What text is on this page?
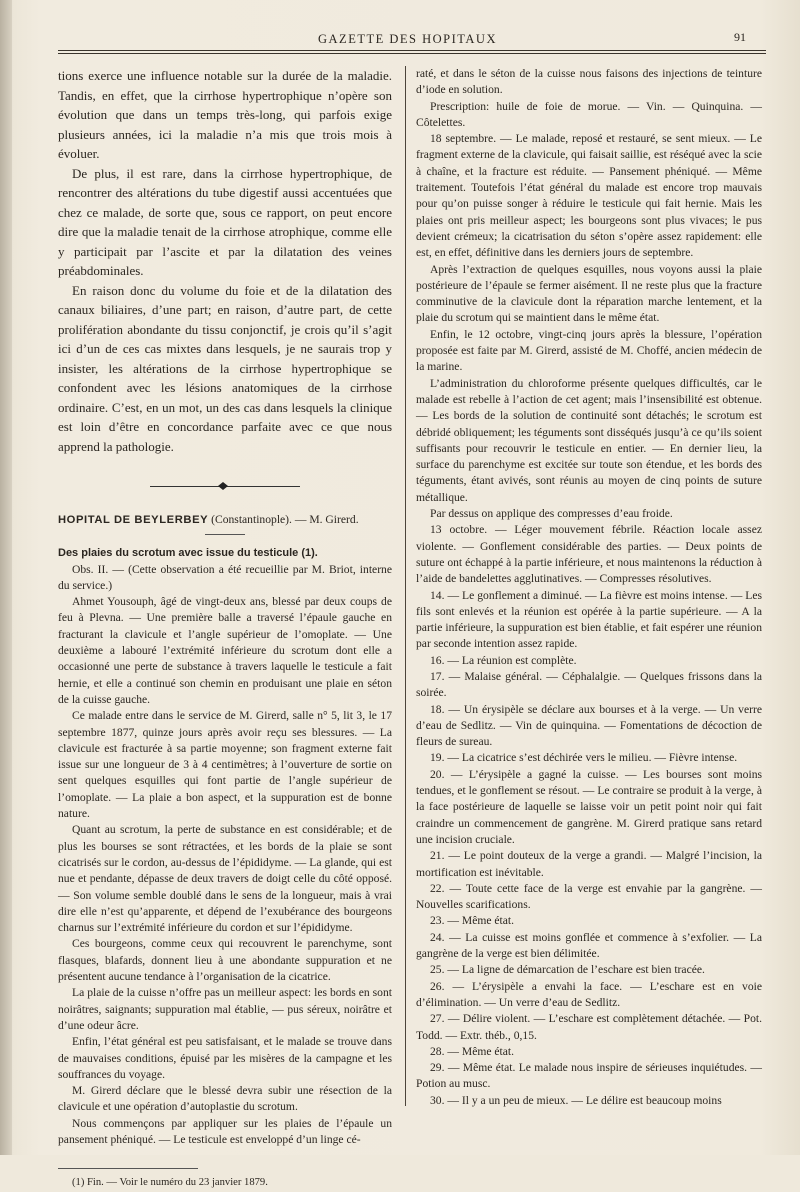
GAZETTE DES HOPITAUX	91

tions exerce une influence notable sur la durée de la maladie. Tandis, en effet, que la cirrhose hypertrophique n’opère son évolution que dans un temps très-long, qui parfois exige plusieurs années, ici la maladie n’a mis que trois mois à évoluer.

De plus, il est rare, dans la cirrhose hypertrophique, de rencontrer des altérations du tube digestif aussi accentuées que chez ce malade, de sorte que, sous ce rapport, on peut encore dire que la maladie tenait de la cirrhose atrophique, comme elle y participait par l’ascite et par la dilatation des veines préabdominales.

En raison donc du volume du foie et de la dilatation des canaux biliaires, d’une part; en raison, d’autre part, de cette prolifération abondante du tissu conjonctif, je crois qu’il s’agit ici d’un de ces cas mixtes dans lesquels, je ne saurais trop y insister, les altérations de la cirrhose hypertrophique se confondent avec les lésions anatomiques de la cirrhose ordinaire. C’est, en un mot, un des cas dans lesquels la clinique est loin d’être en concordance parfaite avec ce que nous apprend la pathologie.

HOPITAL DE BEYLERBEY (Constantinople). — M. Girerd.

Des plaies du scrotum avec issue du testicule (1).

Obs. II. — (Cette observation a été recueillie par M. Briot, interne du service.)

Ahmet Yousouph, âgé de vingt-deux ans, blessé par deux coups de feu à Plevna. — Une première balle a traversé l’épaule gauche en fracturant la clavicule et l’angle supérieur de l’omoplate. — Une deuxième a labouré l’extrémité inférieure du scrotum dont elle a occasionné une perte de substance à travers laquelle le testicule a fait hernie, et elle a continué son chemin en produisant une plaie en séton de la cuisse gauche.

Ce malade entre dans le service de M. Girerd, salle n° 5, lit 3, le 17 septembre 1877, quinze jours après avoir reçu ses blessures. — La clavicule est fracturée à sa partie moyenne; son fragment externe fait issue sur une longueur de 3 à 4 centimètres; à l’ouverture de sortie on sent quelques esquilles qui font partie de l’angle supérieur de l’omoplate. — La plaie a bon aspect, et la suppuration est de bonne nature.

Quant au scrotum, la perte de substance en est considérable; et de plus les bourses se sont rétractées, et les bords de la plaie se sont cicatrisés sur le cordon, au-dessus de l’épididyme. — La glande, qui est nue et pendante, dépasse de deux travers de doigt celle du côté opposé. — Son volume semble doublé dans le sens de la longueur, mais à vrai dire elle n’est qu’apparente, et dépend de l’exubérance des bourgeons charnus sur l’extrémité inférieure du cordon et sur l’épididyme.

Ces bourgeons, comme ceux qui recouvrent le parenchyme, sont flasques, blafards, donnent lieu à une abondante suppuration et ne présentent aucune tendance à l’organisation de la cicatrice.

La plaie de la cuisse n’offre pas un meilleur aspect: les bords en sont noirâtres, saignants; suppuration mal établie, — pus séreux, noirâtre et d’une odeur âcre.

Enfin, l’état général est peu satisfaisant, et le malade se trouve dans de mauvaises conditions, épuisé par les misères de la campagne et les souffrances du voyage.

M. Girerd déclare que le blessé devra subir une résection de la clavicule et une opération d’autoplastie du scrotum.

Nous commençons par appliquer sur les plaies de l’épaule un pansement phéniqué. — Le testicule est enveloppé d’un linge cé-

(1) Fin. — Voir le numéro du 23 janvier 1879.

raté, et dans le séton de la cuisse nous faisons des injections de teinture d’iode en solution.

Prescription: huile de foie de morue. — Vin. — Quinquina. — Côtelettes.

18 septembre. — Le malade, reposé et restauré, se sent mieux. — Le fragment externe de la clavicule, qui faisait saillie, est réséqué avec la scie à chaîne, et la fracture est réduite. — Pansement phéniqué. — Même traitement. Toutefois l’état général du malade est encore trop mauvais pour qu’on puisse songer à réduire le testicule qui fait hernie. Mais les plaies ont pris meilleur aspect; les bourgeons sont plus vivaces; le pus devient crémeux; la cicatrisation du séton s’opère assez rapidement: elle est, en effet, définitive dans les derniers jours de septembre.

Après l’extraction de quelques esquilles, nous voyons aussi la plaie postérieure de l’épaule se fermer aisément. Il ne reste plus que la fracture comminutive de la clavicule dont la réparation marche lentement, et la plaie du scrotum qui se maintient dans le même état.

Enfin, le 12 octobre, vingt-cinq jours après la blessure, l’opération proposée est faite par M. Girerd, assisté de M. Choffé, ancien médecin de la marine.

L’administration du chloroforme présente quelques difficultés, car le malade est rebelle à l’action de cet agent; mais l’insensibilité est obtenue. — Les bords de la solution de continuité sont détachés; le scrotum est débridé obliquement; les téguments sont disséqués jusqu’à ce qu’ils soient suffisants pour recouvrir le testicule en entier. — En dernier lieu, la surface du parenchyme est excitée sur toute son étendue, et les bords des téguments, étant avivés, sont réunis au moyen de cinq points de suture métallique.

Par dessus on applique des compresses d’eau froide.

13 octobre. — Léger mouvement fébrile. Réaction locale assez violente. — Gonflement considérable des parties. — Deux points de suture ont échappé à la partie inférieure, et nous maintenons la réduction à l’aide de bandelettes agglutinatives. — Compresses résolutives.

14. — Le gonflement a diminué. — La fièvre est moins intense. — Les fils sont enlevés et la réunion est opérée à la partie supérieure. — A la partie inférieure, la suppuration est bien établie, et fait espérer une réunion par seconde intention assez rapide.

16. — La réunion est complète.

17. — Malaise général. — Céphalalgie. — Quelques frissons dans la soirée.

18. — Un érysipèle se déclare aux bourses et à la verge. — Un verre d’eau de Sedlitz. — Vin de quinquina. — Fomentations de décoction de fleurs de sureau.

19. — La cicatrice s’est déchirée vers le milieu. — Fièvre intense.

20. — L’érysipèle a gagné la cuisse. — Les bourses sont moins tendues, et le gonflement se résout. — Le contraire se produit à la verge, à la face postérieure de laquelle se laisse voir un petit point noir qui fait craindre un commencement de gangrène. M. Girerd pratique sans retard une incision cruciale.

21. — Le point douteux de la verge a grandi. — Malgré l’incision, la mortification est inévitable.

22. — Toute cette face de la verge est envahie par la gangrène. — Nouvelles scarifications.

23. — Même état.

24. — La cuisse est moins gonflée et commence à s’exfolier. — La gangrène de la verge est bien délimitée.

25. — La ligne de démarcation de l’eschare est bien tracée.

26. — L’érysipèle a envahi la face. — L’eschare est en voie d’élimination. — Un verre d’eau de Sedlitz.

27. — Délire violent. — L’eschare est complètement détachée. — Pot. Todd. — Extr. théb., 0,15.

28. — Même état.

29. — Même état. Le malade nous inspire de sérieuses inquiétudes. — Potion au musc.

30. — Il y a un peu de mieux. — Le délire est beaucoup moins
